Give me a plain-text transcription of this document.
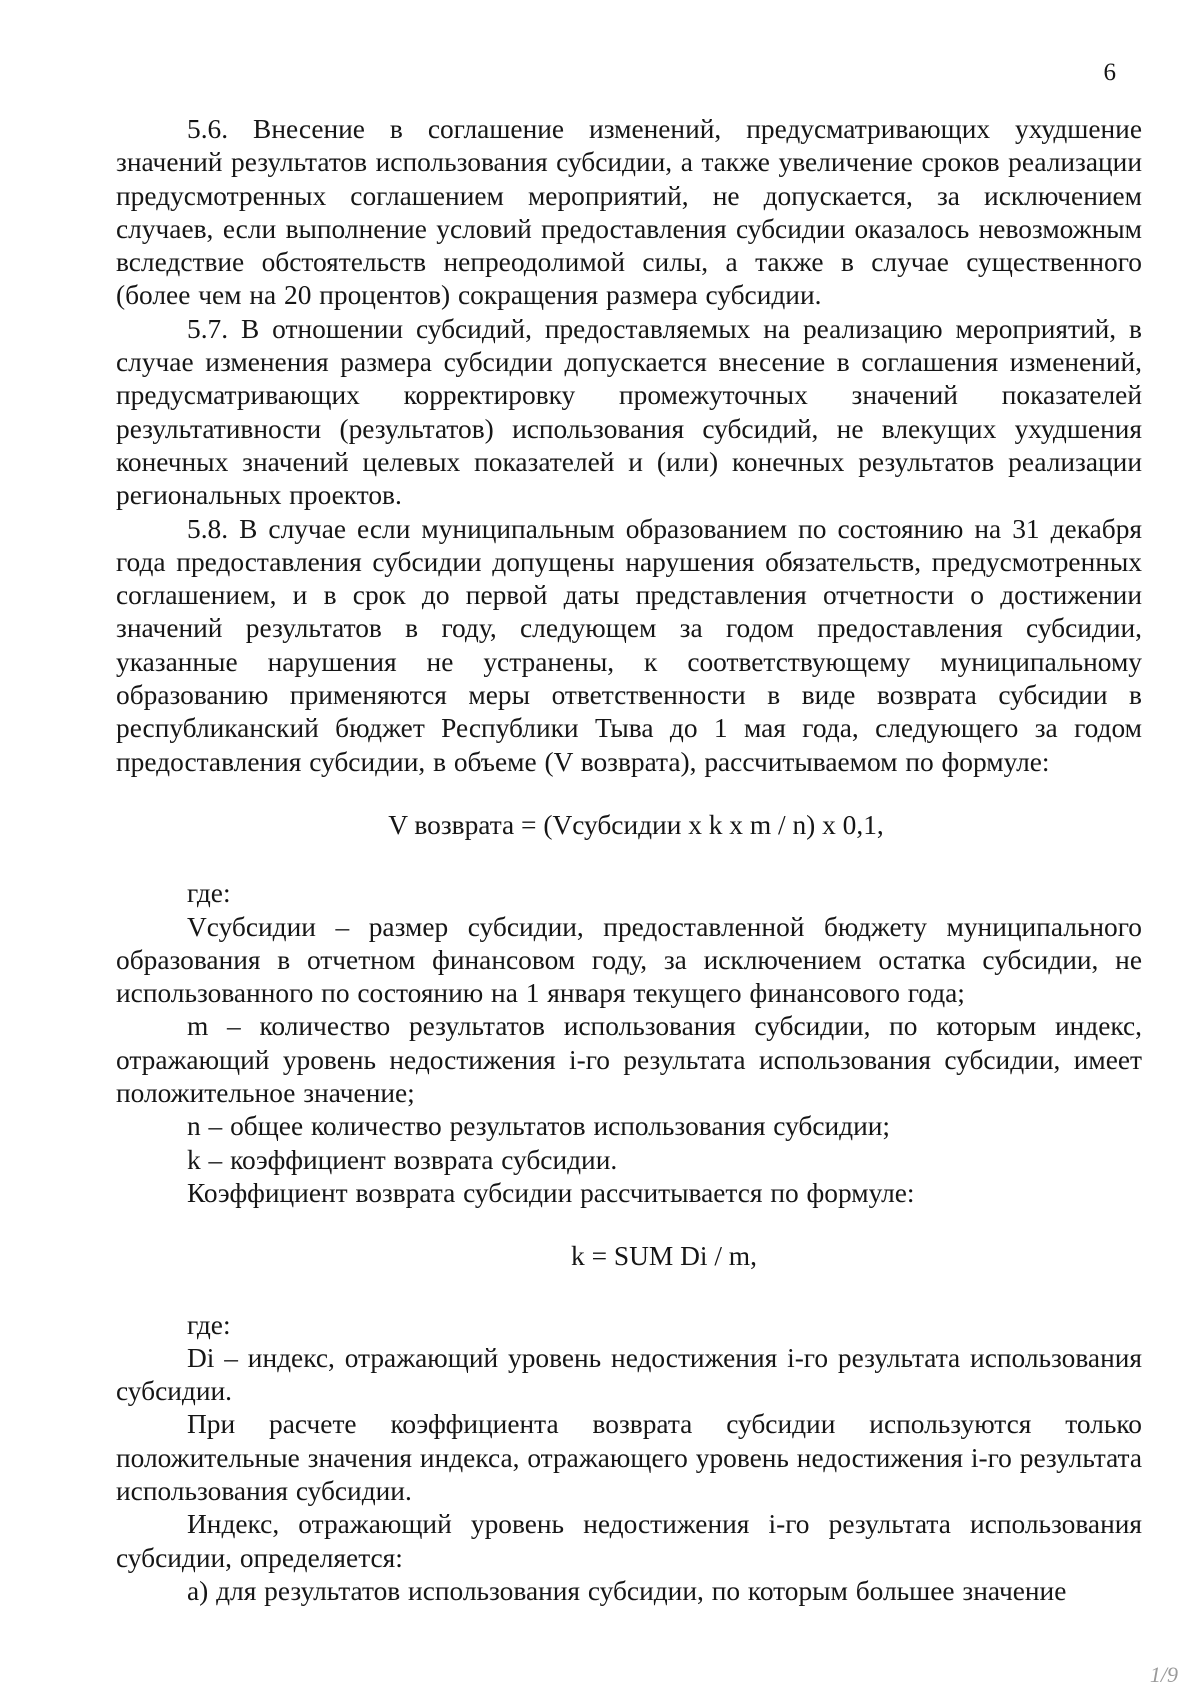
6

5.6. Внесение в соглашение изменений, предусматривающих ухудшение значений результатов использования субсидии, а также увеличение сроков реализации предусмотренных соглашением мероприятий, не допускается, за исключением случаев, если выполнение условий предоставления субсидии оказалось невозможным вследствие обстоятельств непреодолимой силы, а также в случае существенного (более чем на 20 процентов) сокращения размера субсидии.

5.7. В отношении субсидий, предоставляемых на реализацию мероприятий, в случае изменения размера субсидии допускается внесение в соглашения изменений, предусматривающих корректировку промежуточных значений показателей результативности (результатов) использования субсидий, не влекущих ухудшения конечных значений целевых показателей и (или) конечных результатов реализации региональных проектов.

5.8. В случае если муниципальным образованием по состоянию на 31 декабря года предоставления субсидии допущены нарушения обязательств, предусмотренных соглашением, и в срок до первой даты представления отчетности о достижении значений результатов в году, следующем за годом предоставления субсидии, указанные нарушения не устранены, к соответствующему муниципальному образованию применяются меры ответственности в виде возврата субсидии в республиканский бюджет Республики Тыва до 1 мая года, следующего за годом предоставления субсидии, в объеме (V возврата), рассчитываемом по формуле:

V возврата = (Vсубсидии x k x m / n) x 0,1,

где:

Vсубсидии – размер субсидии, предоставленной бюджету муниципального образования в отчетном финансовом году, за исключением остатка субсидии, не использованного по состоянию на 1 января текущего финансового года;

m – количество результатов использования субсидии, по которым индекс, отражающий уровень недостижения i-го результата использования субсидии, имеет положительное значение;

n – общее количество результатов использования субсидии;

k – коэффициент возврата субсидии.

Коэффициент возврата субсидии рассчитывается по формуле:

k = SUM Di / m,

где:

Di – индекс, отражающий уровень недостижения i-го результата использования субсидии.

При расчете коэффициента возврата субсидии используются только положительные значения индекса, отражающего уровень недостижения i-го результата использования субсидии.

Индекс, отражающий уровень недостижения i-го результата использования субсидии, определяется:

а) для результатов использования субсидии, по которым большее значение

1/9
